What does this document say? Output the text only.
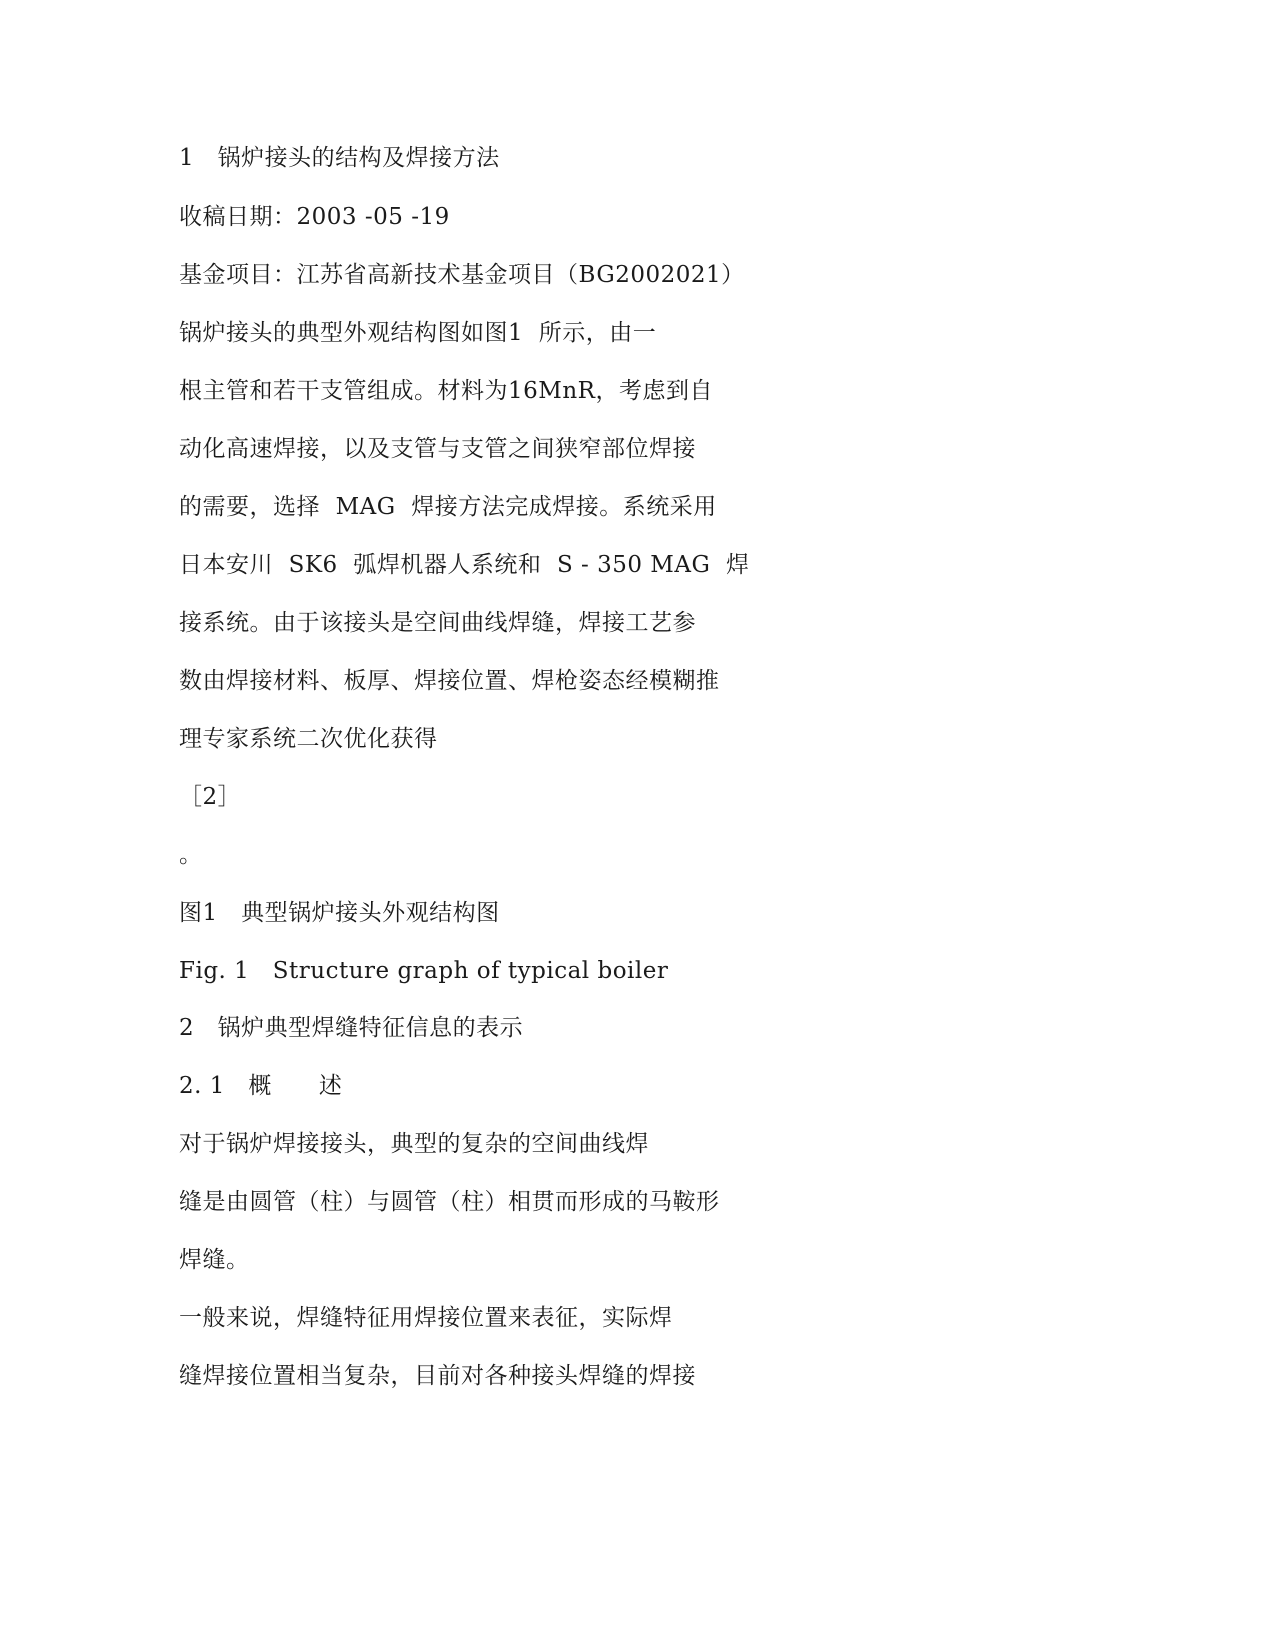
1　锅炉接头的结构及焊接方法
收稿日期：2003 -05 -19
基金项目：江苏省高新技术基金项目（BG2002021）
锅炉接头的典型外观结构图如图1  所示，由一
根主管和若干支管组成。材料为16MnR，考虑到自
动化高速焊接，以及支管与支管之间狭窄部位焊接
的需要，选择  MAG  焊接方法完成焊接。系统采用
日本安川  SK6  弧焊机器人系统和  S - 350 MAG  焊
接系统。由于该接头是空间曲线焊缝，焊接工艺参
数由焊接材料、板厚、焊接位置、焊枪姿态经模糊推
理专家系统二次优化获得
［2］
。
图1　典型锅炉接头外观结构图
Fig. 1　Structure graph of typical boiler
2　锅炉典型焊缝特征信息的表示
2. 1　概　　述
对于锅炉焊接接头，典型的复杂的空间曲线焊
缝是由圆管（柱）与圆管（柱）相贯而形成的马鞍形
焊缝。
一般来说，焊缝特征用焊接位置来表征，实际焊
缝焊接位置相当复杂，目前对各种接头焊缝的焊接
